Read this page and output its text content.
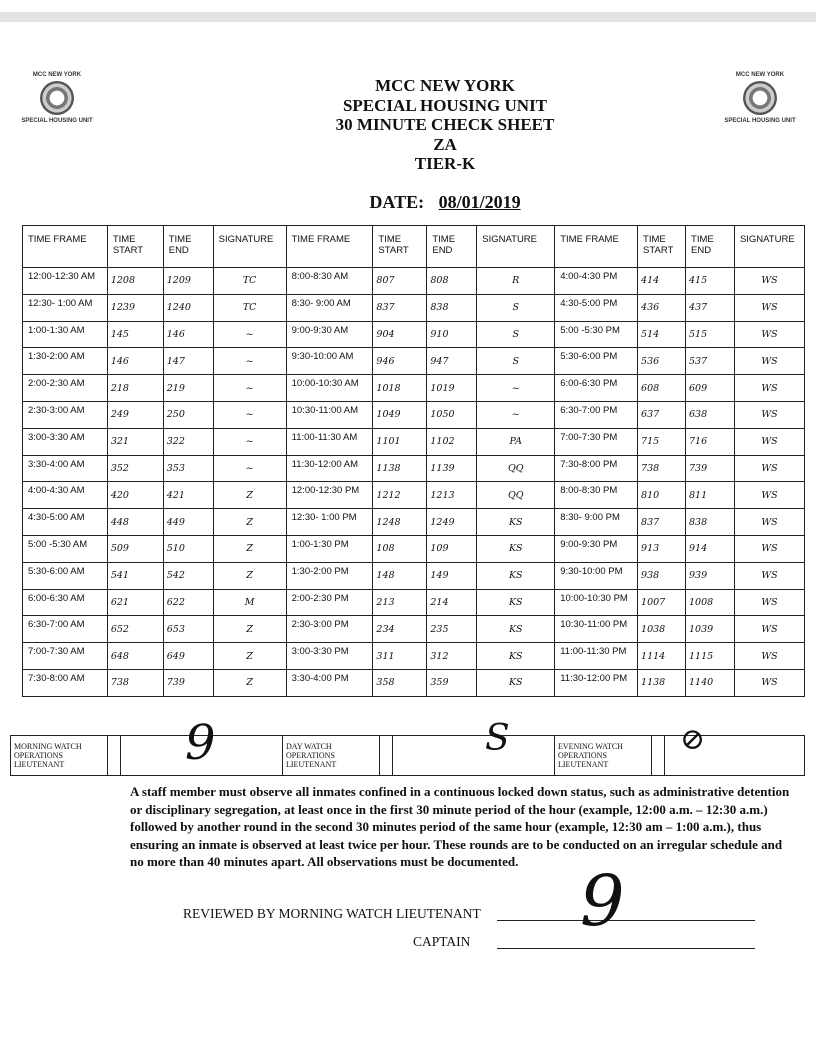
MCC NEW YORK
SPECIAL HOUSING UNIT
MCC NEW YORK
SPECIAL HOUSING UNIT
MCC NEW YORK
SPECIAL HOUSING UNIT
30 MINUTE CHECK SHEET
ZA
TIER-K
DATE: 08/01/2019
TIME FRAME	TIME START	TIME END	SIGNATURE	TIME FRAME	TIME START	TIME END	SIGNATURE	TIME FRAME	TIME START	TIME END	SIGNATURE
12:00-12:30 AM	1208	1209	TC	8:00-8:30 AM	807	808	R	4:00-4:30 PM	414	415	WS
12:30- 1:00 AM	1239	1240	TC	8:30- 9:00 AM	837	838	S	4:30-5:00 PM	436	437	WS
1:00-1:30 AM	145	146	~	9:00-9:30 AM	904	910	S	5:00 -5:30 PM	514	515	WS
1:30-2:00 AM	146	147	~	9:30-10:00 AM	946	947	S	5:30-6:00 PM	536	537	WS
2:00-2:30 AM	218	219	~	10:00-10:30 AM	1018	1019	~	6:00-6:30 PM	608	609	WS
2:30-3:00 AM	249	250	~	10:30-11:00 AM	1049	1050	~	6:30-7:00 PM	637	638	WS
3:00-3:30 AM	321	322	~	11:00-11:30 AM	1101	1102	PA	7:00-7:30 PM	715	716	WS
3:30-4:00 AM	352	353	~	11:30-12:00 AM	1138	1139	QQ	7:30-8:00 PM	738	739	WS
4:00-4:30 AM	420	421	Z	12:00-12:30 PM	1212	1213	QQ	8:00-8:30 PM	810	811	WS
4:30-5:00 AM	448	449	Z	12:30- 1:00 PM	1248	1249	KS	8:30- 9:00 PM	837	838	WS
5:00 -5:30 AM	509	510	Z	1:00-1:30 PM	108	109	KS	9:00-9:30 PM	913	914	WS
5:30-6:00 AM	541	542	Z	1:30-2:00 PM	148	149	KS	9:30-10:00 PM	938	939	WS
6:00-6:30 AM	621	622	M	2:00-2:30 PM	213	214	KS	10:00-10:30 PM	1007	1008	WS
6:30-7:00 AM	652	653	Z	2:30-3:00 PM	234	235	KS	10:30-11:00 PM	1038	1039	WS
7:00-7:30 AM	648	649	Z	3:00-3:30 PM	311	312	KS	11:00-11:30 PM	1114	1115	WS
7:30-8:00 AM	738	739	Z	3:30-4:00 PM	358	359	KS	11:30-12:00 PM	1138	1140	WS
MORNING WATCH OPERATIONS LIEUTENANT			DAY WATCH OPERATIONS LIEUTENANT			EVENING WATCH OPERATIONS LIEUTENANT		
9	S	⊘
A staff member must observe all inmates confined in a continuous locked down status, such as administrative detention or disciplinary segregation, at least once in the first 30 minute period of the hour (example, 12:00 a.m. – 12:30 a.m.) followed by another round in the second 30 minutes period of the same hour (example, 12:30 am – 1:00 a.m.), thus ensuring an inmate is observed at least twice per hour. These rounds are to be conducted on an irregular schedule and no more than 40 minutes apart. All observations must be documented.
REVIEWED BY MORNING WATCH LIEUTENANT
CAPTAIN 9
